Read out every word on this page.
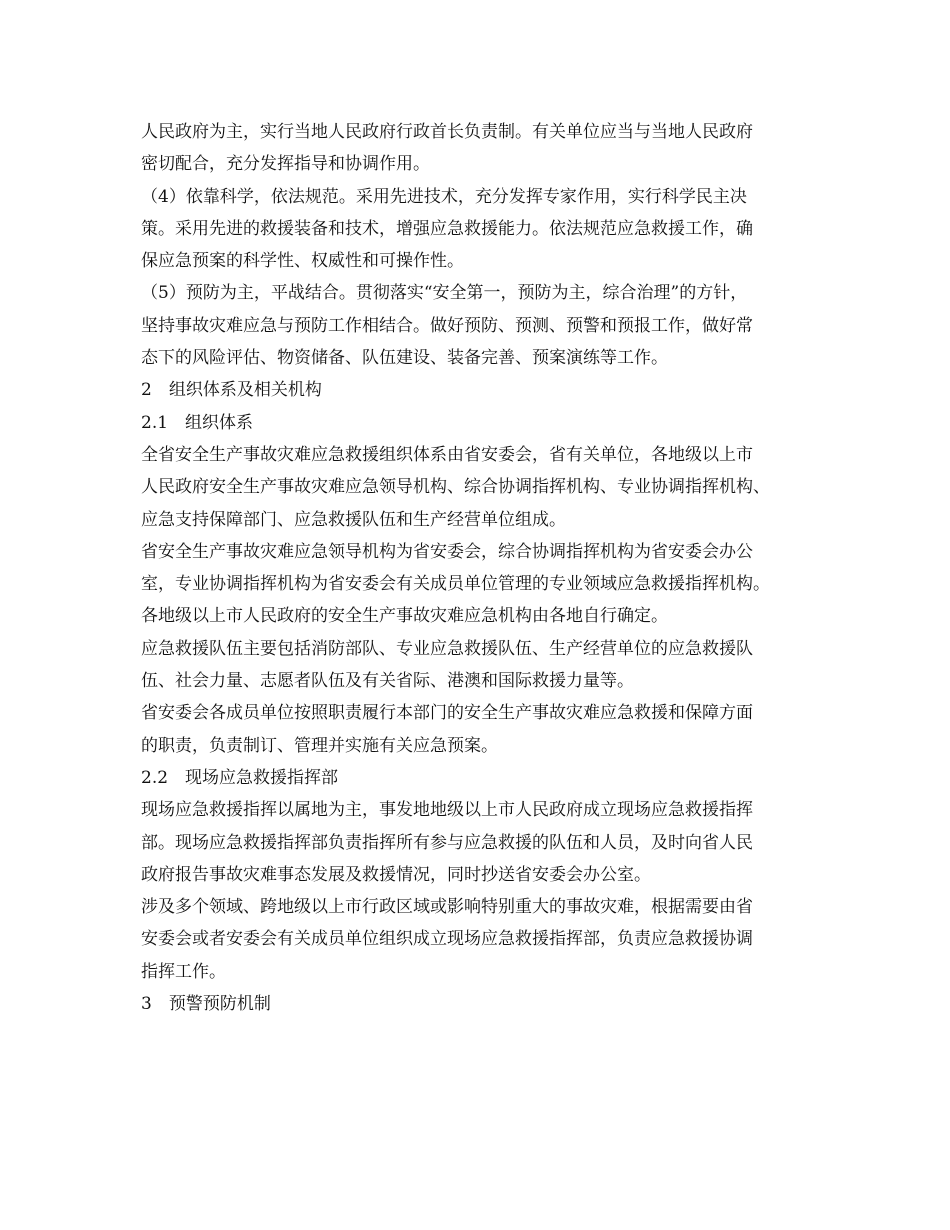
人民政府为主，实行当地人民政府行政首长负责制。有关单位应当与当地人民政府
密切配合，充分发挥指导和协调作用。
（4）依靠科学，依法规范。采用先进技术，充分发挥专家作用，实行科学民主决
策。采用先进的救援装备和技术，增强应急救援能力。依法规范应急救援工作，确
保应急预案的科学性、权威性和可操作性。
（5）预防为主，平战结合。贯彻落实“安全第一，预防为主，综合治理”的方针，
坚持事故灾难应急与预防工作相结合。做好预防、预测、预警和预报工作，做好常
态下的风险评估、物资储备、队伍建设、装备完善、预案演练等工作。
2　组织体系及相关机构
2.1　组织体系
全省安全生产事故灾难应急救援组织体系由省安委会，省有关单位，各地级以上市
人民政府安全生产事故灾难应急领导机构、综合协调指挥机构、专业协调指挥机构、
应急支持保障部门、应急救援队伍和生产经营单位组成。
省安全生产事故灾难应急领导机构为省安委会，综合协调指挥机构为省安委会办公
室，专业协调指挥机构为省安委会有关成员单位管理的专业领域应急救援指挥机构。
各地级以上市人民政府的安全生产事故灾难应急机构由各地自行确定。
应急救援队伍主要包括消防部队、专业应急救援队伍、生产经营单位的应急救援队
伍、社会力量、志愿者队伍及有关省际、港澳和国际救援力量等。
省安委会各成员单位按照职责履行本部门的安全生产事故灾难应急救援和保障方面
的职责，负责制订、管理并实施有关应急预案。
2.2　现场应急救援指挥部
现场应急救援指挥以属地为主，事发地地级以上市人民政府成立现场应急救援指挥
部。现场应急救援指挥部负责指挥所有参与应急救援的队伍和人员，及时向省人民
政府报告事故灾难事态发展及救援情况，同时抄送省安委会办公室。
涉及多个领域、跨地级以上市行政区域或影响特别重大的事故灾难，根据需要由省
安委会或者安委会有关成员单位组织成立现场应急救援指挥部，负责应急救援协调
指挥工作。
3　预警预防机制
